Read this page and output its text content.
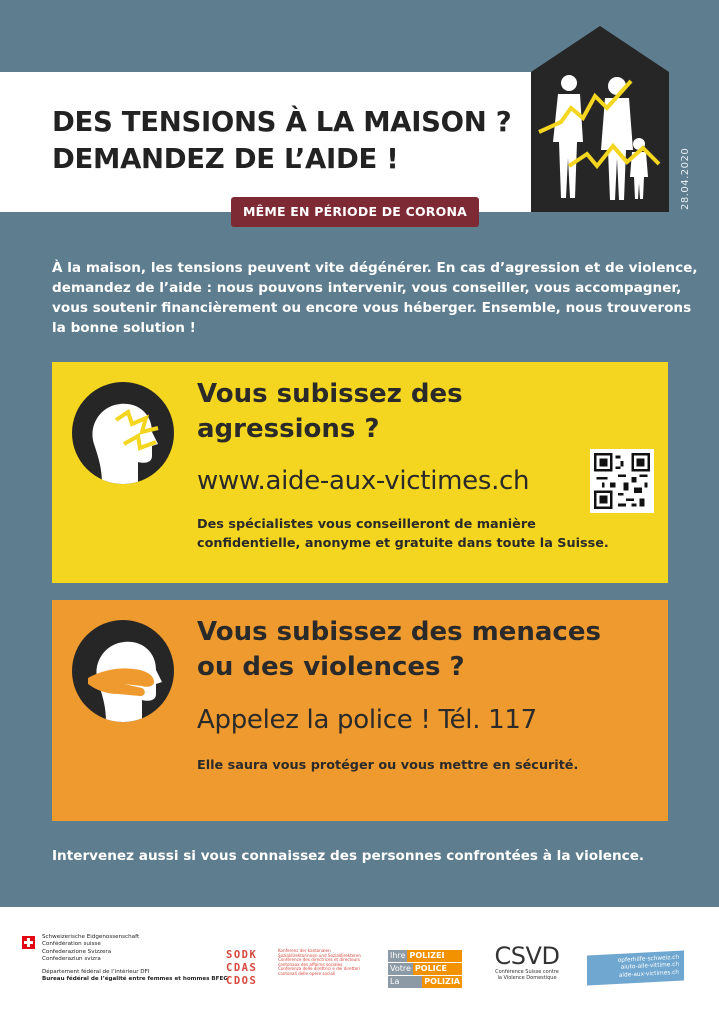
DES TENSIONS À LA MAISON ?
DEMANDEZ DE L’AIDE !	28.04.2020
MÊME EN PÉRIODE DE CORONA
À la maison, les tensions peuvent vite dégénérer. En cas d’agression et de violence,
demandez de l’aide : nous pouvons intervenir, vous conseiller, vous accompagner,
vous soutenir financièrement ou encore vous héberger. Ensemble, nous trouverons
la bonne solution !
Vous subissez des
agressions ?
www.aide-aux-victimes.ch
Des spécialistes vous conseilleront de manière
confidentielle, anonyme et gratuite dans toute la Suisse.
Vous subissez des menaces
ou des violences ?
Appelez la police ! Tél. 117
Elle saura vous protéger ou vous mettre en sécurité.
Intervenez aussi si vous connaissez des personnes confrontées à la violence.
Schweizerische Eidgenossenschaft
Confédération suisse
Confederazione Svizzera
Confederaziun svizra
Département fédéral de l’intérieur DFI
Bureau fédéral de l’égalité entre femmes et hommes BFEG
SODK
CDAS
CDOS
Konferenz der kantonalen
Sozialdirektorinnen und Sozialdirektoren
Conférence des directrices et directeurs
cantonaux des affaires sociales
Conferenza delle direttrici e dei direttori
cantonali delle opere sociali
Ihre POLIZEI
Votre POLICE
La vostra
POLIZIA
CSVD
Conférence Suisse contre
la Violence Domestique
opferhilfe-schweiz.ch
aiuto-alle-vittime.ch
aide-aux-victimes.ch
